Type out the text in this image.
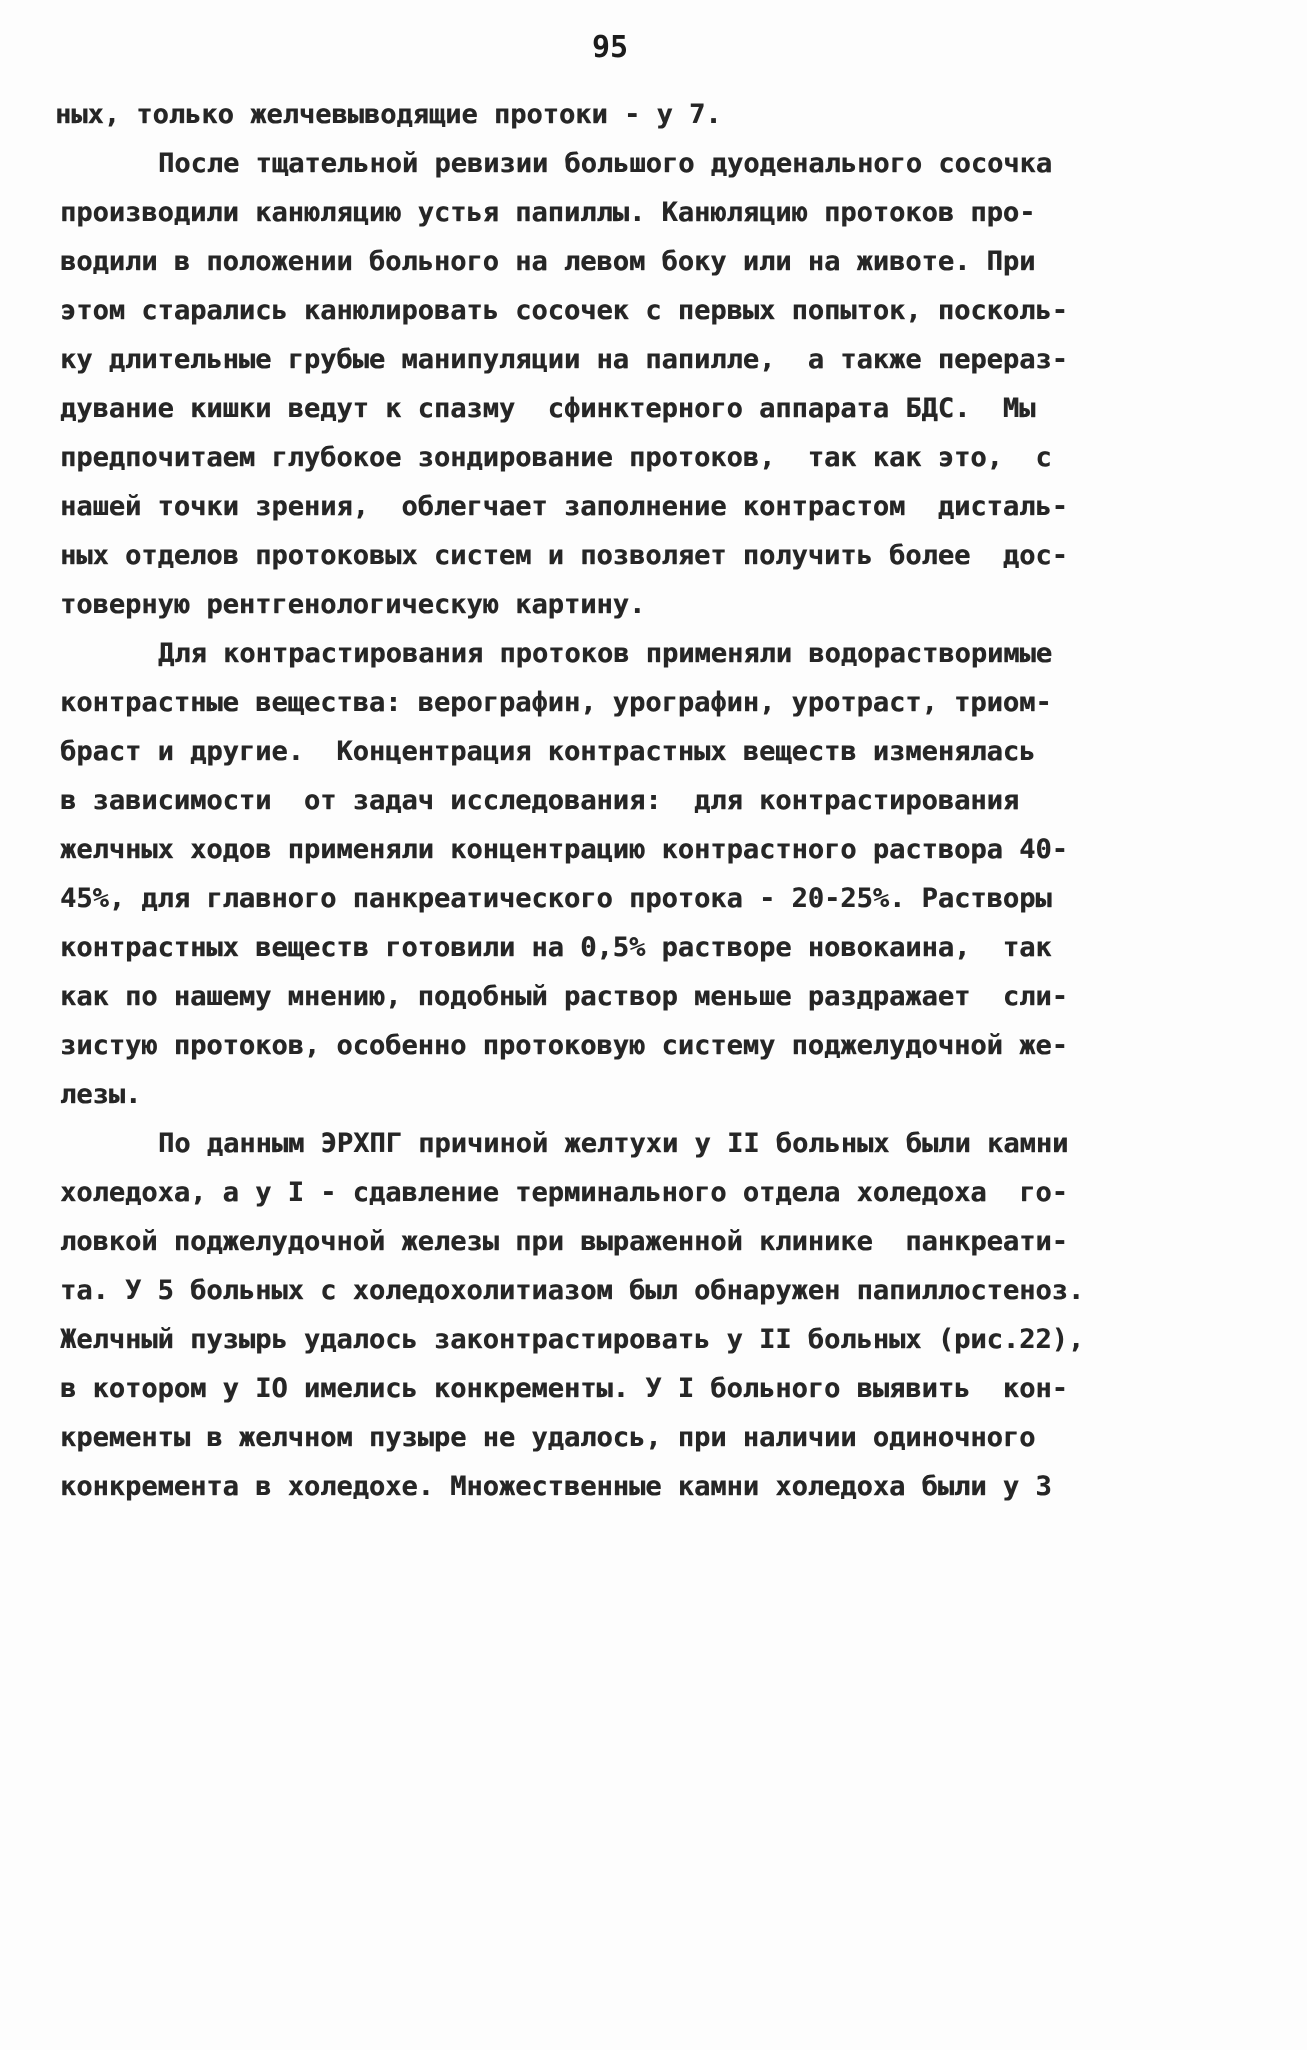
95
ных, только желчевыводящие протоки - у 7.
После тщательной ревизии большого дуоденального сосочка
производили канюляцию устья папиллы. Канюляцию протоков про-
водили в положении больного на левом боку или на животе. При
этом старались канюлировать сосочек с первых попыток, посколь-
ку длительные грубые манипуляции на папилле,  а также перераз-
дувание кишки ведут к спазму  сфинктерного аппарата БДС.  Мы
предпочитаем глубокое зондирование протоков,  так как это,  с
нашей точки зрения,  облегчает заполнение контрастом  дисталь-
ных отделов протоковых систем и позволяет получить более  дос-
товерную рентгенологическую картину.
Для контрастирования протоков применяли водорастворимые
контрастные вещества: верографин, урографин, уротраст, триом-
браст и другие.  Концентрация контрастных веществ изменялась
в зависимости  от задач исследования:  для контрастирования
желчных ходов применяли концентрацию контрастного раствора 40-
45%, для главного панкреатического протока - 20-25%. Растворы
контрастных веществ готовили на 0,5% растворе новокаина,  так
как по нашему мнению, подобный раствор меньше раздражает  сли-
зистую протоков, особенно протоковую систему поджелудочной же-
лезы.
По данным ЭРХПГ причиной желтухи у II больных были камни
холедоха, а у I - сдавление терминального отдела холедоха  го-
ловкой поджелудочной железы при выраженной клинике  панкреати-
та. У 5 больных с холедохолитиазом был обнаружен папиллостеноз.
Желчный пузырь удалось законтрастировать у II больных (рис.22),
в котором у IO имелись конкременты. У I больного выявить  кон-
кременты в желчном пузыре не удалось, при наличии одиночного
конкремента в холедохе. Множественные камни холедоха были у 3
